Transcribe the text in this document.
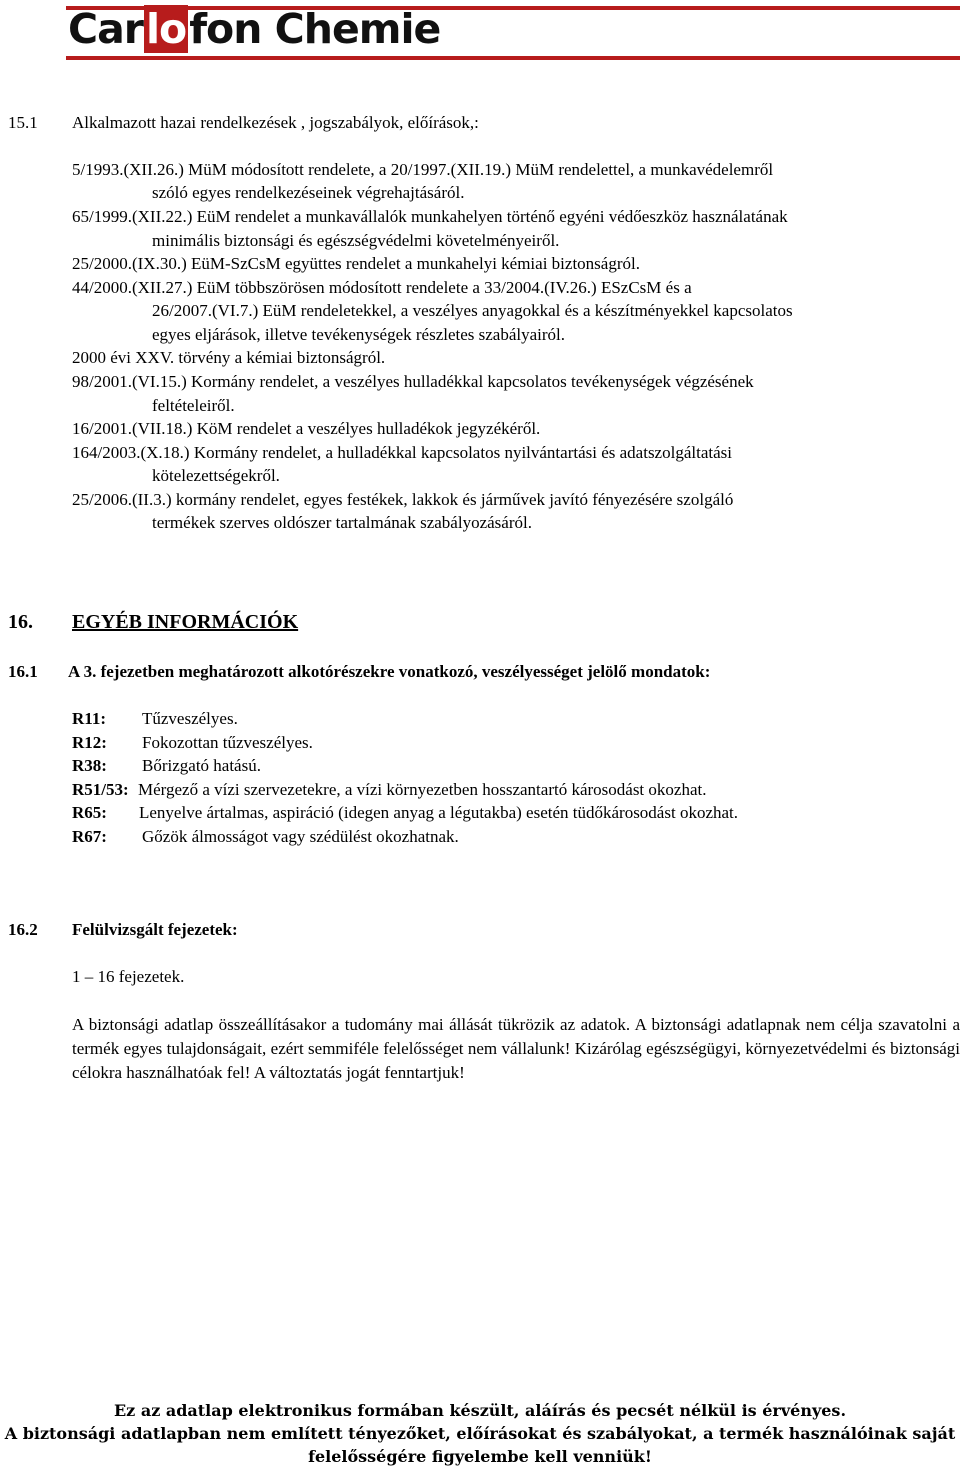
Carlofon Chemie
15.1 Alkalmazott hazai rendelkezések , jogszabályok, előírások,:
5/1993.(XII.26.) MüM módosított rendelete, a 20/1997.(XII.19.) MüM rendelettel, a munkavédelemről
szóló egyes rendelkezéseinek végrehajtásáról.
65/1999.(XII.22.) EüM rendelet a munkavállalók munkahelyen történő egyéni védőeszköz használatának
minimális biztonsági és egészségvédelmi követelményeiről.
25/2000.(IX.30.) EüM-SzCsM együttes rendelet a munkahelyi kémiai biztonságról.
44/2000.(XII.27.) EüM többszörösen módosított rendelete a 33/2004.(IV.26.) ESzCsM és a
26/2007.(VI.7.) EüM rendeletekkel, a veszélyes anyagokkal és a készítményekkel kapcsolatos
egyes eljárások, illetve tevékenységek részletes szabályairól.
2000 évi XXV. törvény a kémiai biztonságról.
98/2001.(VI.15.) Kormány rendelet, a veszélyes hulladékkal kapcsolatos tevékenységek végzésének
feltételeiről.
16/2001.(VII.18.) KöM rendelet a veszélyes hulladékok jegyzékéről.
164/2003.(X.18.) Kormány rendelet, a hulladékkal kapcsolatos nyilvántartási és adatszolgáltatási
kötelezettségekről.
25/2006.(II.3.) kormány rendelet, egyes festékek, lakkok és járművek javító fényezésére szolgáló
termékek szerves oldószer tartalmának szabályozásáról.
16. EGYÉB INFORMÁCIÓK
16.1 A 3. fejezetben meghatározott alkotórészekre vonatkozó, veszélyességet jelölő mondatok:
R11: Tűzveszélyes.
R12: Fokozottan tűzveszélyes.
R38: Bőrizgató hatású.
R51/53: Mérgező a vízi szervezetekre, a vízi környezetben hosszantartó károsodást okozhat.
R65: Lenyelve ártalmas, aspiráció (idegen anyag a légutakba) esetén tüdőkárosodást okozhat.
R67: Gőzök álmosságot vagy szédülést okozhatnak.
16.2 Felülvizsgált fejezetek:
1 – 16 fejezetek.
A biztonsági adatlap összeállításakor a tudomány mai állását tükrözik az adatok. A biztonsági adatlapnak nem célja szavatolni a termék egyes tulajdonságait, ezért semmiféle felelősséget nem vállalunk! Kizárólag egészségügyi, környezetvédelmi és biztonsági célokra használhatóak fel! A változtatás jogát fenntartjuk!
Ez az adatlap elektronikus formában készült, aláírás és pecsét nélkül is érvényes.
A biztonsági adatlapban nem említett tényezőket, előírásokat és szabályokat, a termék használóinak saját
felelősségére figyelembe kell venniük!
